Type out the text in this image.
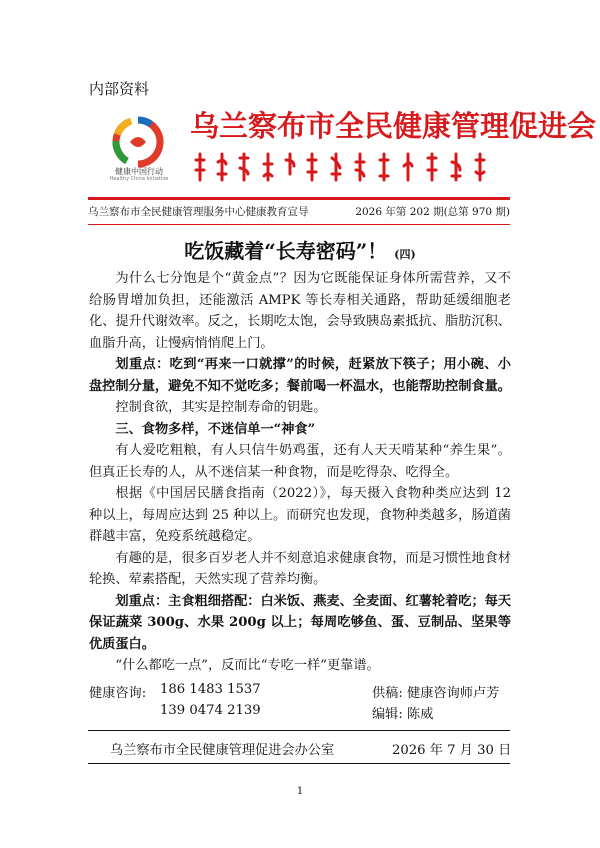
内部资料
健康中国行动
Healthy China Initiative
乌兰察布市全民健康管理促进会
乌兰察布市全民健康管理服务中心健康教育宣导	2026 年第 202 期(总第 970 期)
吃饭藏着“长寿密码”！ (四)

为什么七分饱是个“黄金点”？因为它既能保证身体所需营养，又不给肠胃增加负担，还能激活 AMPK 等长寿相关通路，帮助延缓细胞老化、提升代谢效率。反之，长期吃太饱，会导致胰岛素抵抗、脂肪沉积、血脂升高，让慢病悄悄爬上门。

划重点：吃到“再来一口就撑”的时候，赶紧放下筷子；用小碗、小盘控制分量，避免不知不觉吃多；餐前喝一杯温水，也能帮助控制食量。

控制食欲，其实是控制寿命的钥匙。

三、食物多样，不迷信单一“神食”

有人爱吃粗粮，有人只信牛奶鸡蛋，还有人天天啃某种“养生果”。但真正长寿的人，从不迷信某一种食物，而是吃得杂、吃得全。

根据《中国居民膳食指南（2022）》，每天摄入食物种类应达到 12 种以上，每周应达到 25 种以上。而研究也发现，食物种类越多，肠道菌群越丰富，免疫系统越稳定。

有趣的是，很多百岁老人并不刻意追求健康食物，而是习惯性地食材轮换、荤素搭配，天然实现了营养均衡。

划重点：主食粗细搭配：白米饭、燕麦、全麦面、红薯轮着吃；每天保证蔬菜 300g、水果 200g 以上；每周吃够鱼、蛋、豆制品、坚果等优质蛋白。

“什么都吃一点”，反而比“专吃一样”更靠谱。

健康咨询: 186 1483 1537
139 0474 2139
供稿: 健康咨询师卢芳
编辑: 陈威
乌兰察布市全民健康管理促进会办公室	2026 年 7 月 30 日
1
